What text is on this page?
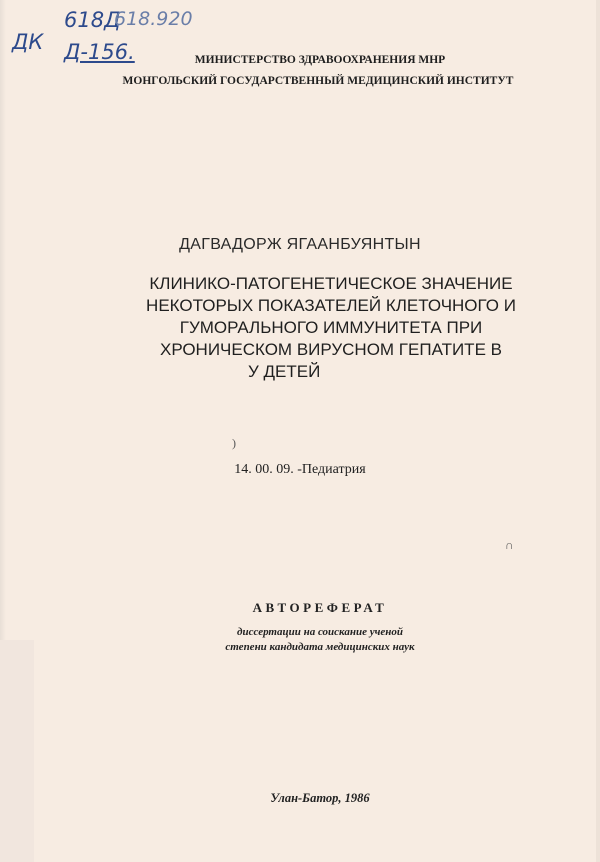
618Д
618.920
ДК Д-156.	МИНИСТЕРСТВО ЗДРАВООХРАНЕНИЯ МНР
МОНГОЛЬСКИЙ ГОСУДАРСТВЕННЫЙ МЕДИЦИНСКИЙ ИНСТИТУТ
ДАГВАДОРЖ ЯГААНБУЯНТЫН
КЛИНИКО-ПАТОГЕНЕТИЧЕСКОЕ ЗНАЧЕНИЕ
НЕКОТОРЫХ ПОКАЗАТЕЛЕЙ КЛЕТОЧНОГО И
ГУМОРАЛЬНОГО ИММУНИТЕТА ПРИ
ХРОНИЧЕСКОМ ВИРУСНОМ ГЕПАТИТЕ В
У ДЕТЕЙ
)
14. 00. 09. -Педиатрия
∩
АВТОРЕФЕРАТ
диссертации на соискание ученой
степени кандидата медицинских наук
Улан-Батор, 1986
